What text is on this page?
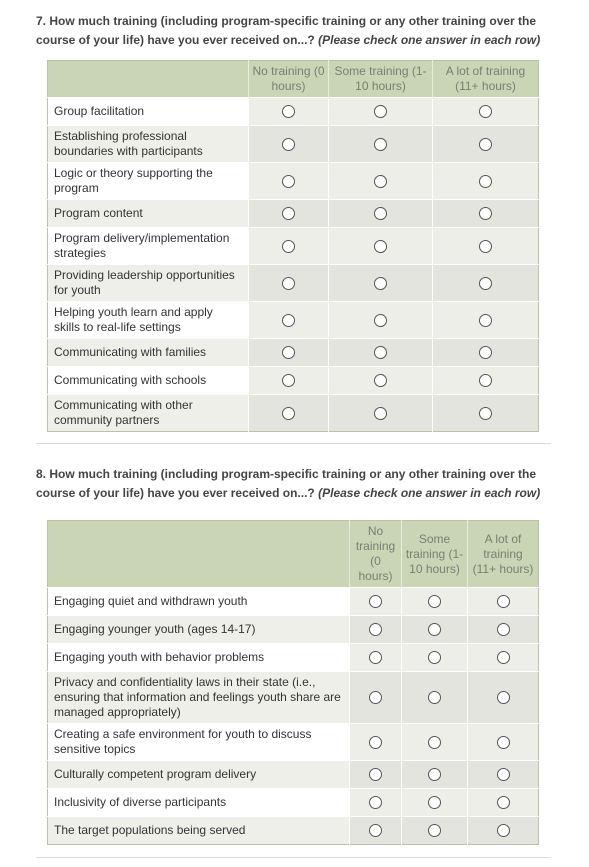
7. How much training (including program-specific training or any other training over the course of your life) have you ever received on...? (Please check one answer in each row)
	No training (0 hours)	Some training (1-10 hours)	A lot of training (11+ hours)
Group facilitation			
Establishing professional boundaries with participants			
Logic or theory supporting the program			
Program content			
Program delivery/implementation strategies			
Providing leadership opportunities for youth			
Helping youth learn and apply skills to real-life settings			
Communicating with families			
Communicating with schools			
Communicating with other community partners			
8. How much training (including program-specific training or any other training over the course of your life) have you ever received on...? (Please check one answer in each row)
	No training (0 hours)	Some training (1-10 hours)	A lot of training (11+ hours)
Engaging quiet and withdrawn youth			
Engaging younger youth (ages 14-17)			
Engaging youth with behavior problems			
Privacy and confidentiality laws in their state (i.e., ensuring that information and feelings youth share are managed appropriately)			
Creating a safe environment for youth to discuss sensitive topics			
Culturally competent program delivery			
Inclusivity of diverse participants			
The target populations being served			
